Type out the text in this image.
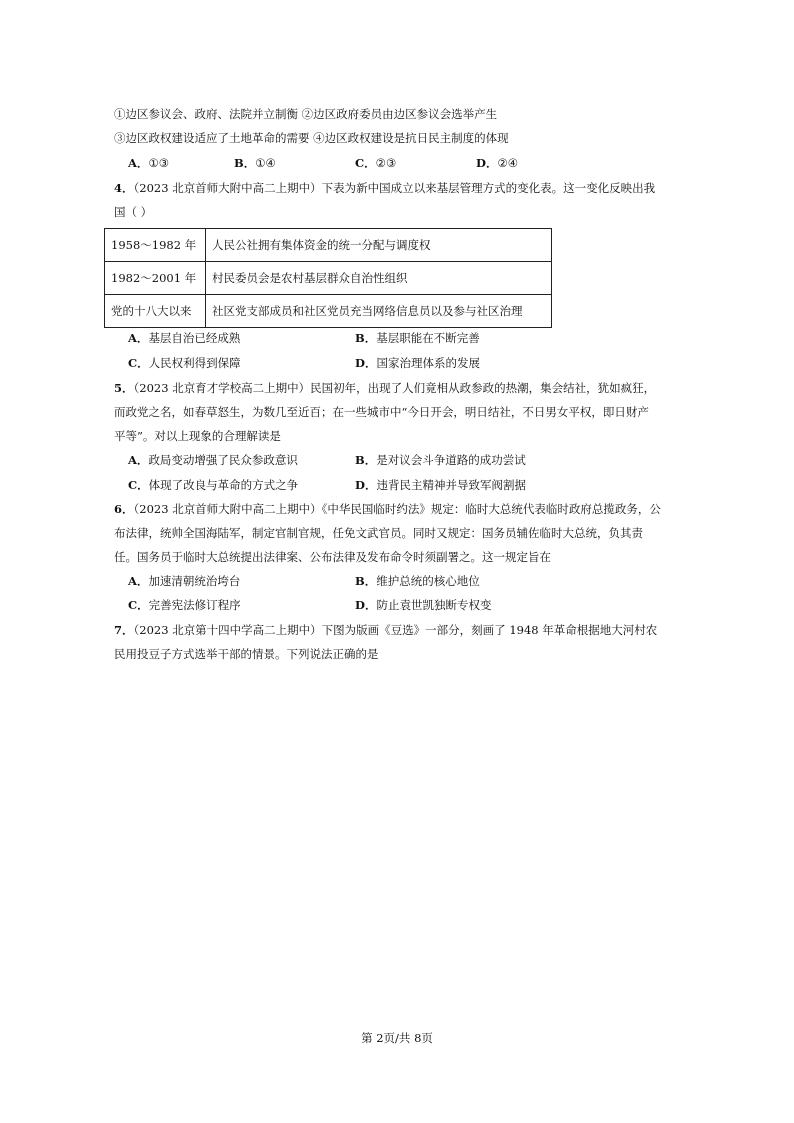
①边区参议会、政府、法院并立制衡 ②边区政府委员由边区参议会选举产生
③边区政权建设适应了土地革命的需要 ④边区政权建设是抗日民主制度的体现
A．①③	B．①④	C．②③	D．②④
4．（2023 北京首师大附中高二上期中）下表为新中国成立以来基层管理方式的变化表。这一变化反映出我
国（ ）
1958～1982 年	人民公社拥有集体资金的统一分配与调度权
1982～2001 年	村民委员会是农村基层群众自治性组织
党的十八大以来	社区党支部成员和社区党员充当网络信息员以及参与社区治理
A．基层自治已经成熟	B．基层职能在不断完善
C．人民权利得到保障	D．国家治理体系的发展
5．（2023 北京育才学校高二上期中）民国初年，出现了人们竟相从政参政的热潮，集会结社，犹如疯狂，
而政党之名，如春草怒生，为数几至近百；在一些城市中“今日开会，明日结社，不日男女平权，即日财产
平等”。对以上现象的合理解读是
A．政局变动增强了民众参政意识	B．是对议会斗争道路的成功尝试
C．体现了改良与革命的方式之争	D．违背民主精神并导致军阀割据
6．（2023 北京首师大附中高二上期中）《中华民国临时约法》规定：临时大总统代表临时政府总揽政务，公
布法律，统帅全国海陆军，制定官制官规，任免文武官员。同时又规定：国务员辅佐临时大总统，负其责
任。国务员于临时大总统提出法律案、公布法律及发布命令时须副署之。这一规定旨在
A．加速清朝统治垮台	B．维护总统的核心地位
C．完善宪法修订程序	D．防止袁世凯独断专权变
7．（2023 北京第十四中学高二上期中）下图为版画《豆选》一部分，刻画了 1948 年革命根据地大河村农
民用投豆子方式选举干部的情景。下列说法正确的是
第 2页/共 8页
